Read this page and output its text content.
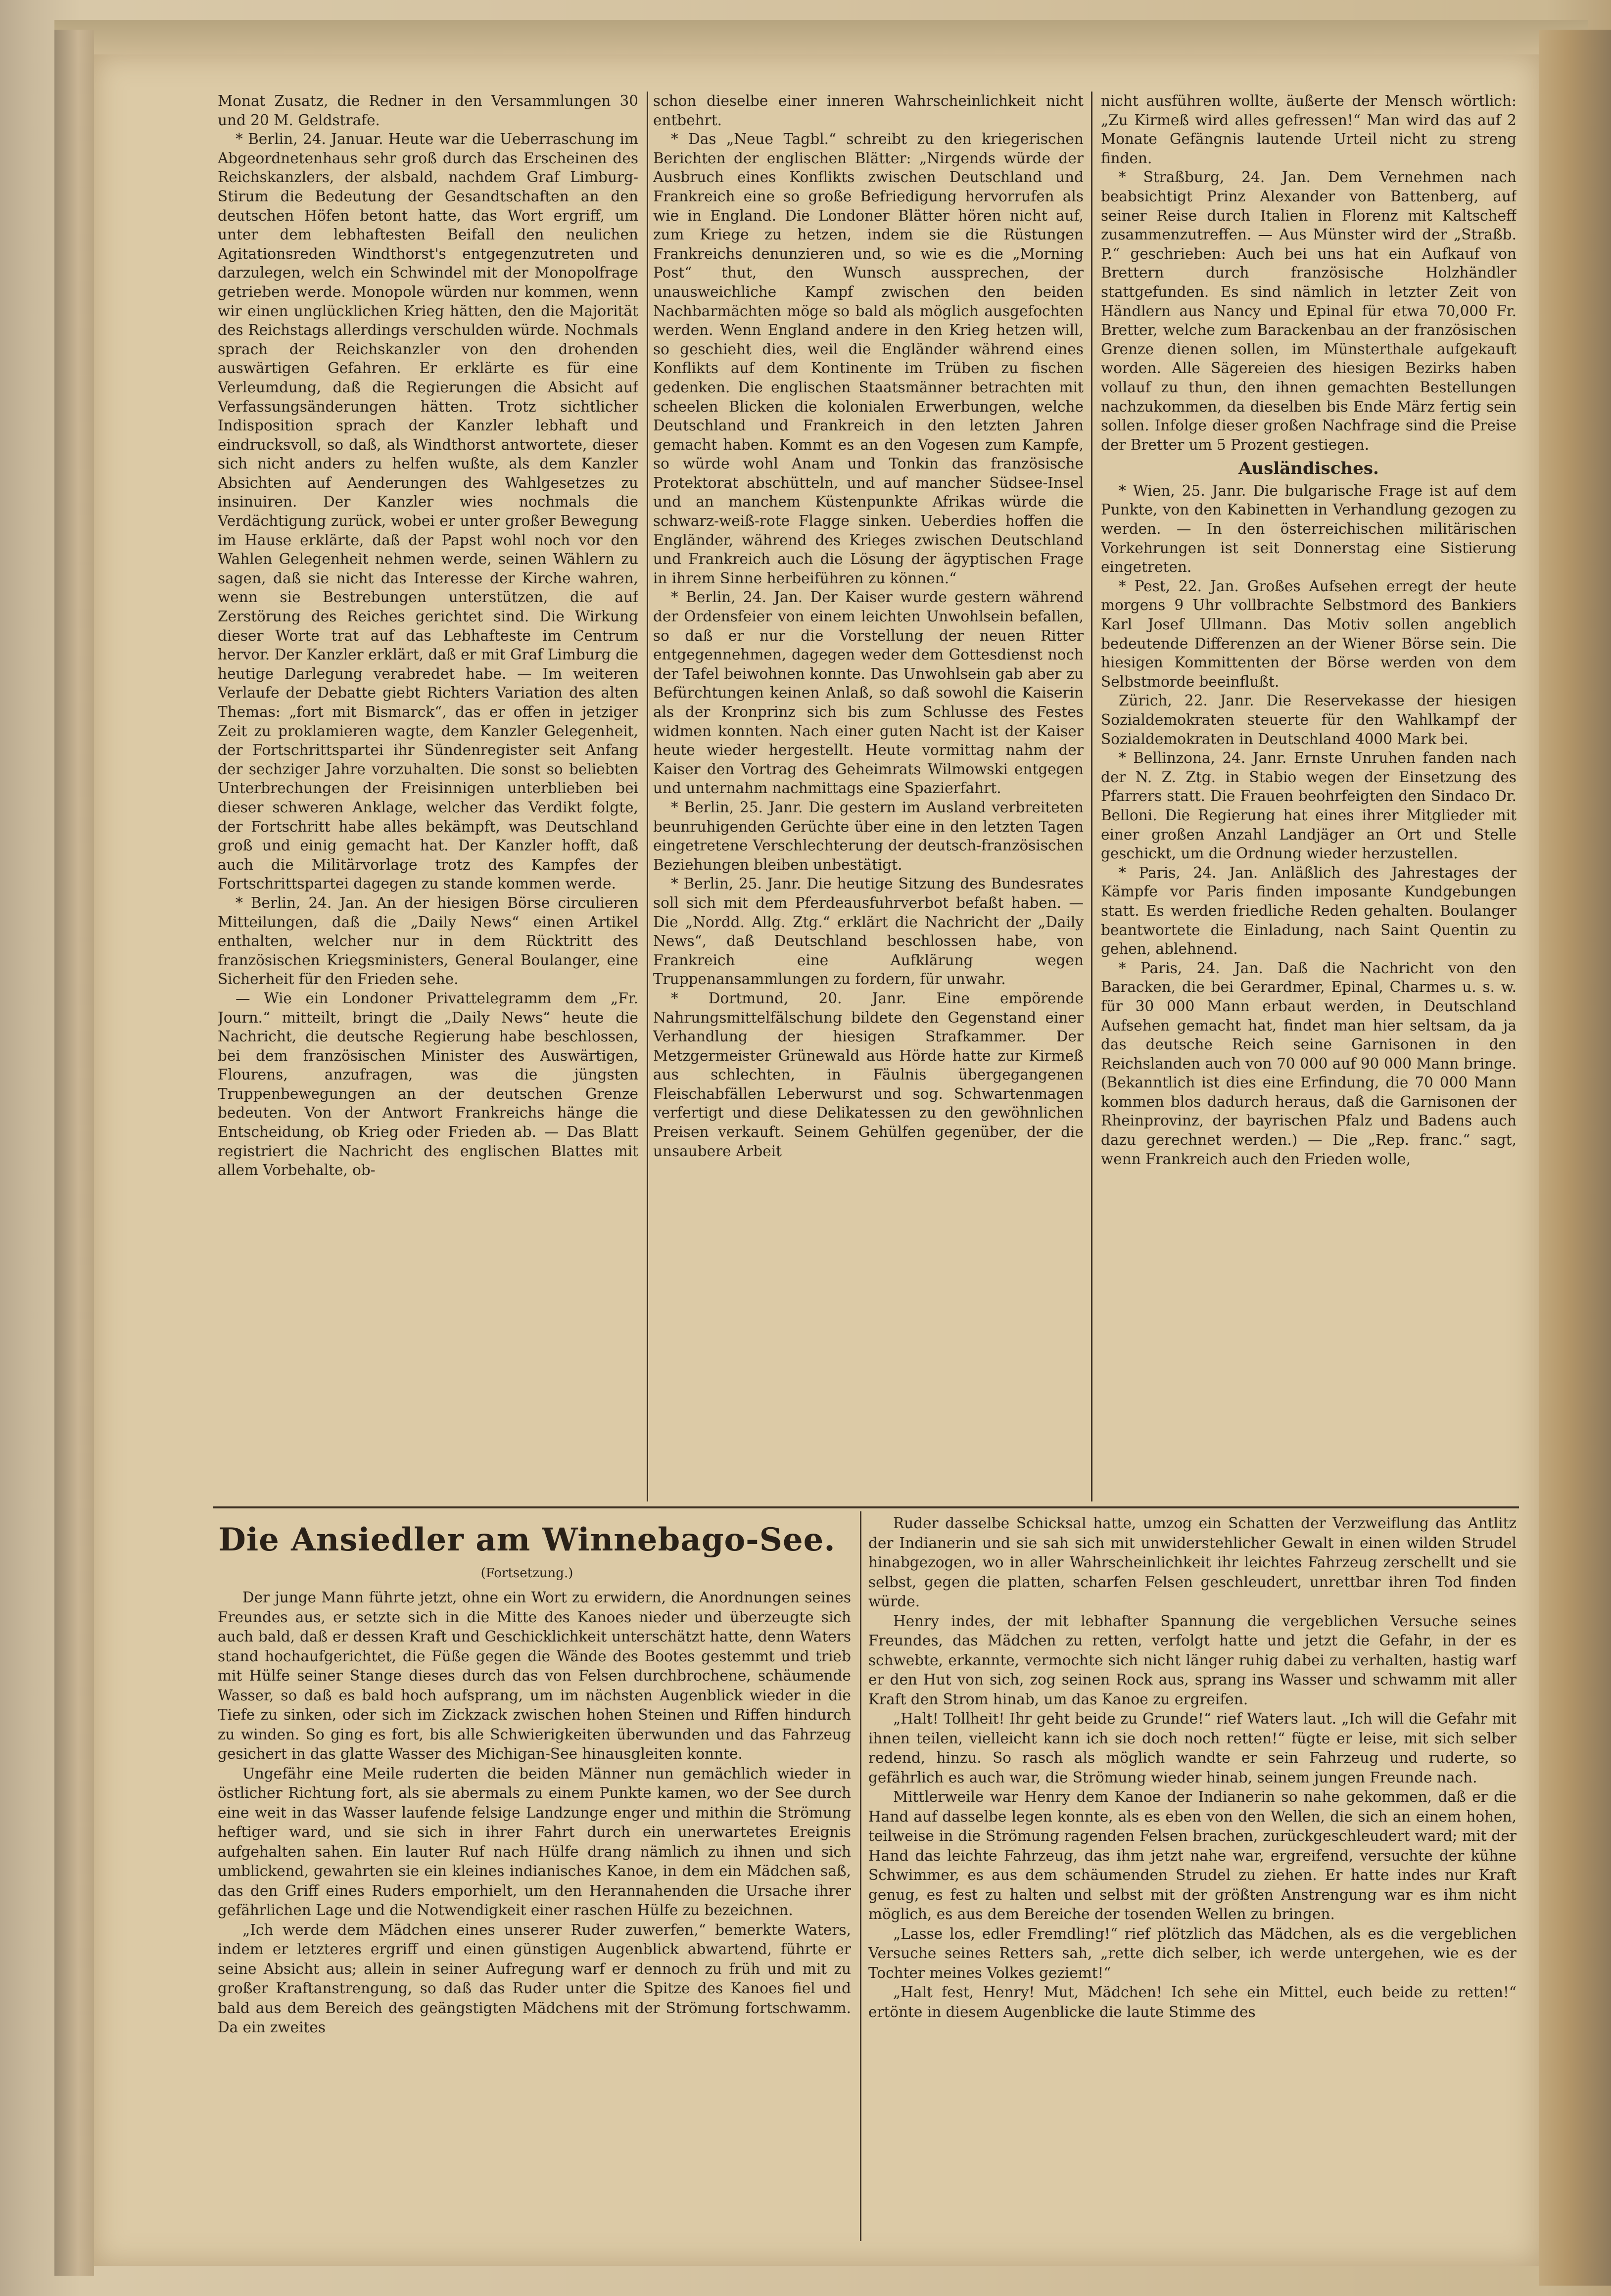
Monat Zusatz, die Redner in den Versammlungen 30 und 20 M. Geldstrafe.

* Berlin, 24. Januar. Heute war die Ueberraschung im Abgeordnetenhaus sehr groß durch das Erscheinen des Reichskanzlers, der alsbald, nachdem Graf Limburg-Stirum die Bedeutung der Gesandtschaften an den deutschen Höfen betont hatte, das Wort ergriff, um unter dem lebhaftesten Beifall den neulichen Agitationsreden Windthorst's entgegenzutreten und darzulegen, welch ein Schwindel mit der Monopolfrage getrieben werde. Monopole würden nur kommen, wenn wir einen unglücklichen Krieg hätten, den die Majorität des Reichstags allerdings verschulden würde. Nochmals sprach der Reichskanzler von den drohenden auswärtigen Gefahren. Er erklärte es für eine Verleumdung, daß die Regierungen die Absicht auf Verfassungsänderungen hätten. Trotz sichtlicher Indisposition sprach der Kanzler lebhaft und eindrucksvoll, so daß, als Windthorst antwortete, dieser sich nicht anders zu helfen wußte, als dem Kanzler Absichten auf Aenderungen des Wahlgesetzes zu insinuiren. Der Kanzler wies nochmals die Verdächtigung zurück, wobei er unter großer Bewegung im Hause erklärte, daß der Papst wohl noch vor den Wahlen Gelegenheit nehmen werde, seinen Wählern zu sagen, daß sie nicht das Interesse der Kirche wahren, wenn sie Bestrebungen unterstützen, die auf Zerstörung des Reiches gerichtet sind. Die Wirkung dieser Worte trat auf das Lebhafteste im Centrum hervor. Der Kanzler erklärt, daß er mit Graf Limburg die heutige Darlegung verabredet habe. — Im weiteren Verlaufe der Debatte giebt Richters Variation des alten Themas: „fort mit Bismarck“, das er offen in jetziger Zeit zu proklamieren wagte, dem Kanzler Gelegenheit, der Fortschrittspartei ihr Sündenregister seit Anfang der sechziger Jahre vorzuhalten. Die sonst so beliebten Unterbrechungen der Freisinnigen unterblieben bei dieser schweren Anklage, welcher das Verdikt folgte, der Fortschritt habe alles bekämpft, was Deutschland groß und einig gemacht hat. Der Kanzler hofft, daß auch die Militärvorlage trotz des Kampfes der Fortschrittspartei dagegen zu stande kommen werde.

* Berlin, 24. Jan. An der hiesigen Börse circulieren Mitteilungen, daß die „Daily News“ einen Artikel enthalten, welcher nur in dem Rücktritt des französischen Kriegsministers, General Boulanger, eine Sicherheit für den Frieden sehe.

— Wie ein Londoner Privattelegramm dem „Fr. Journ.“ mitteilt, bringt die „Daily News“ heute die Nachricht, die deutsche Regierung habe beschlossen, bei dem französischen Minister des Auswärtigen, Flourens, anzufragen, was die jüngsten Truppenbewegungen an der deutschen Grenze bedeuten. Von der Antwort Frankreichs hänge die Entscheidung, ob Krieg oder Frieden ab. — Das Blatt registriert die Nachricht des englischen Blattes mit allem Vorbehalte, ob-

schon dieselbe einer inneren Wahrscheinlichkeit nicht entbehrt.

* Das „Neue Tagbl.“ schreibt zu den kriegerischen Berichten der englischen Blätter: „Nirgends würde der Ausbruch eines Konflikts zwischen Deutschland und Frankreich eine so große Befriedigung hervorrufen als wie in England. Die Londoner Blätter hören nicht auf, zum Kriege zu hetzen, indem sie die Rüstungen Frankreichs denunzieren und, so wie es die „Morning Post“ thut, den Wunsch aussprechen, der unausweichliche Kampf zwischen den beiden Nachbarmächten möge so bald als möglich ausgefochten werden. Wenn England andere in den Krieg hetzen will, so geschieht dies, weil die Engländer während eines Konflikts auf dem Kontinente im Trüben zu fischen gedenken. Die englischen Staatsmänner betrachten mit scheelen Blicken die kolonialen Erwerbungen, welche Deutschland und Frankreich in den letzten Jahren gemacht haben. Kommt es an den Vogesen zum Kampfe, so würde wohl Anam und Tonkin das französische Protektorat abschütteln, und auf mancher Südsee-Insel und an manchem Küstenpunkte Afrikas würde die schwarz-weiß-rote Flagge sinken. Ueberdies hoffen die Engländer, während des Krieges zwischen Deutschland und Frankreich auch die Lösung der ägyptischen Frage in ihrem Sinne herbeiführen zu können.“

* Berlin, 24. Jan. Der Kaiser wurde gestern während der Ordensfeier von einem leichten Unwohlsein befallen, so daß er nur die Vorstellung der neuen Ritter entgegennehmen, dagegen weder dem Gottesdienst noch der Tafel beiwohnen konnte. Das Unwohlsein gab aber zu Befürchtungen keinen Anlaß, so daß sowohl die Kaiserin als der Kronprinz sich bis zum Schlusse des Festes widmen konnten. Nach einer guten Nacht ist der Kaiser heute wieder hergestellt. Heute vormittag nahm der Kaiser den Vortrag des Geheimrats Wilmowski entgegen und unternahm nachmittags eine Spazierfahrt.

* Berlin, 25. Janr. Die gestern im Ausland verbreiteten beunruhigenden Gerüchte über eine in den letzten Tagen eingetretene Verschlechterung der deutsch-französischen Beziehungen bleiben unbestätigt.

* Berlin, 25. Janr. Die heutige Sitzung des Bundesrates soll sich mit dem Pferdeausfuhrverbot befaßt haben. — Die „Nordd. Allg. Ztg.“ erklärt die Nachricht der „Daily News“, daß Deutschland beschlossen habe, von Frankreich eine Aufklärung wegen Truppenansammlungen zu fordern, für unwahr.

* Dortmund, 20. Janr. Eine empörende Nahrungsmittelfälschung bildete den Gegenstand einer Verhandlung der hiesigen Strafkammer. Der Metzgermeister Grünewald aus Hörde hatte zur Kirmeß aus schlechten, in Fäulnis übergegangenen Fleischabfällen Leberwurst und sog. Schwartenmagen verfertigt und diese Delikatessen zu den gewöhnlichen Preisen verkauft. Seinem Gehülfen gegenüber, der die unsaubere Arbeit

nicht ausführen wollte, äußerte der Mensch wörtlich: „Zu Kirmeß wird alles gefressen!“ Man wird das auf 2 Monate Gefängnis lautende Urteil nicht zu streng finden.

* Straßburg, 24. Jan. Dem Vernehmen nach beabsichtigt Prinz Alexander von Battenberg, auf seiner Reise durch Italien in Florenz mit Kaltscheff zusammenzutreffen. — Aus Münster wird der „Straßb. P.“ geschrieben: Auch bei uns hat ein Aufkauf von Brettern durch französische Holzhändler stattgefunden. Es sind nämlich in letzter Zeit von Händlern aus Nancy und Epinal für etwa 70,000 Fr. Bretter, welche zum Barackenbau an der französischen Grenze dienen sollen, im Münsterthale aufgekauft worden. Alle Sägereien des hiesigen Bezirks haben vollauf zu thun, den ihnen gemachten Bestellungen nachzukommen, da dieselben bis Ende März fertig sein sollen. Infolge dieser großen Nachfrage sind die Preise der Bretter um 5 Prozent gestiegen.

Ausländisches.

* Wien, 25. Janr. Die bulgarische Frage ist auf dem Punkte, von den Kabinetten in Verhandlung gezogen zu werden. — In den österreichischen militärischen Vorkehrungen ist seit Donnerstag eine Sistierung eingetreten.

* Pest, 22. Jan. Großes Aufsehen erregt der heute morgens 9 Uhr vollbrachte Selbstmord des Bankiers Karl Josef Ullmann. Das Motiv sollen angeblich bedeutende Differenzen an der Wiener Börse sein. Die hiesigen Kommittenten der Börse werden von dem Selbstmorde beeinflußt.

Zürich, 22. Janr. Die Reservekasse der hiesigen Sozialdemokraten steuerte für den Wahlkampf der Sozialdemokraten in Deutschland 4000 Mark bei.

* Bellinzona, 24. Janr. Ernste Unruhen fanden nach der N. Z. Ztg. in Stabio wegen der Einsetzung des Pfarrers statt. Die Frauen beohrfeigten den Sindaco Dr. Belloni. Die Regierung hat eines ihrer Mitglieder mit einer großen Anzahl Landjäger an Ort und Stelle geschickt, um die Ordnung wieder herzustellen.

* Paris, 24. Jan. Anläßlich des Jahrestages der Kämpfe vor Paris finden imposante Kundgebungen statt. Es werden friedliche Reden gehalten. Boulanger beantwortete die Einladung, nach Saint Quentin zu gehen, ablehnend.

* Paris, 24. Jan. Daß die Nachricht von den Baracken, die bei Gerardmer, Epinal, Charmes u. s. w. für 30 000 Mann erbaut werden, in Deutschland Aufsehen gemacht hat, findet man hier seltsam, da ja das deutsche Reich seine Garnisonen in den Reichslanden auch von 70 000 auf 90 000 Mann bringe. (Bekanntlich ist dies eine Erfindung, die 70 000 Mann kommen blos dadurch heraus, daß die Garnisonen der Rheinprovinz, der bayrischen Pfalz und Badens auch dazu gerechnet werden.) — Die „Rep. franc.“ sagt, wenn Frankreich auch den Frieden wolle,

Die Ansiedler am Winnebago-See.
(Fortsetzung.)

Der junge Mann führte jetzt, ohne ein Wort zu erwidern, die Anordnungen seines Freundes aus, er setzte sich in die Mitte des Kanoes nieder und überzeugte sich auch bald, daß er dessen Kraft und Geschicklichkeit unterschätzt hatte, denn Waters stand hochaufgerichtet, die Füße gegen die Wände des Bootes gestemmt und trieb mit Hülfe seiner Stange dieses durch das von Felsen durchbrochene, schäumende Wasser, so daß es bald hoch aufsprang, um im nächsten Augenblick wieder in die Tiefe zu sinken, oder sich im Zickzack zwischen hohen Steinen und Riffen hindurch zu winden. So ging es fort, bis alle Schwierigkeiten überwunden und das Fahrzeug gesichert in das glatte Wasser des Michigan-See hinausgleiten konnte.

Ungefähr eine Meile ruderten die beiden Männer nun gemächlich wieder in östlicher Richtung fort, als sie abermals zu einem Punkte kamen, wo der See durch eine weit in das Wasser laufende felsige Landzunge enger und mithin die Strömung heftiger ward, und sie sich in ihrer Fahrt durch ein unerwartetes Ereignis aufgehalten sahen. Ein lauter Ruf nach Hülfe drang nämlich zu ihnen und sich umblickend, gewahrten sie ein kleines indianisches Kanoe, in dem ein Mädchen saß, das den Griff eines Ruders emporhielt, um den Herannahenden die Ursache ihrer gefährlichen Lage und die Notwendigkeit einer raschen Hülfe zu bezeichnen.

„Ich werde dem Mädchen eines unserer Ruder zuwerfen,“ bemerkte Waters, indem er letzteres ergriff und einen günstigen Augenblick abwartend, führte er seine Absicht aus; allein in seiner Aufregung warf er dennoch zu früh und mit zu großer Kraftanstrengung, so daß das Ruder unter die Spitze des Kanoes fiel und bald aus dem Bereich des geängstigten Mädchens mit der Strömung fortschwamm. Da ein zweites

Ruder dasselbe Schicksal hatte, umzog ein Schatten der Verzweiflung das Antlitz der Indianerin und sie sah sich mit unwiderstehlicher Gewalt in einen wilden Strudel hinabgezogen, wo in aller Wahrscheinlichkeit ihr leichtes Fahrzeug zerschellt und sie selbst, gegen die platten, scharfen Felsen geschleudert, unrettbar ihren Tod finden würde.

Henry indes, der mit lebhafter Spannung die vergeblichen Versuche seines Freundes, das Mädchen zu retten, verfolgt hatte und jetzt die Gefahr, in der es schwebte, erkannte, vermochte sich nicht länger ruhig dabei zu verhalten, hastig warf er den Hut von sich, zog seinen Rock aus, sprang ins Wasser und schwamm mit aller Kraft den Strom hinab, um das Kanoe zu ergreifen.

„Halt! Tollheit! Ihr geht beide zu Grunde!“ rief Waters laut. „Ich will die Gefahr mit ihnen teilen, vielleicht kann ich sie doch noch retten!“ fügte er leise, mit sich selber redend, hinzu. So rasch als möglich wandte er sein Fahrzeug und ruderte, so gefährlich es auch war, die Strömung wieder hinab, seinem jungen Freunde nach.

Mittlerweile war Henry dem Kanoe der Indianerin so nahe gekommen, daß er die Hand auf dasselbe legen konnte, als es eben von den Wellen, die sich an einem hohen, teilweise in die Strömung ragenden Felsen brachen, zurückgeschleudert ward; mit der Hand das leichte Fahrzeug, das ihm jetzt nahe war, ergreifend, versuchte der kühne Schwimmer, es aus dem schäumenden Strudel zu ziehen. Er hatte indes nur Kraft genug, es fest zu halten und selbst mit der größten Anstrengung war es ihm nicht möglich, es aus dem Bereiche der tosenden Wellen zu bringen.

„Lasse los, edler Fremdling!“ rief plötzlich das Mädchen, als es die vergeblichen Versuche seines Retters sah, „rette dich selber, ich werde untergehen, wie es der Tochter meines Volkes geziemt!“

„Halt fest, Henry! Mut, Mädchen! Ich sehe ein Mittel, euch beide zu retten!“ ertönte in diesem Augenblicke die laute Stimme des
